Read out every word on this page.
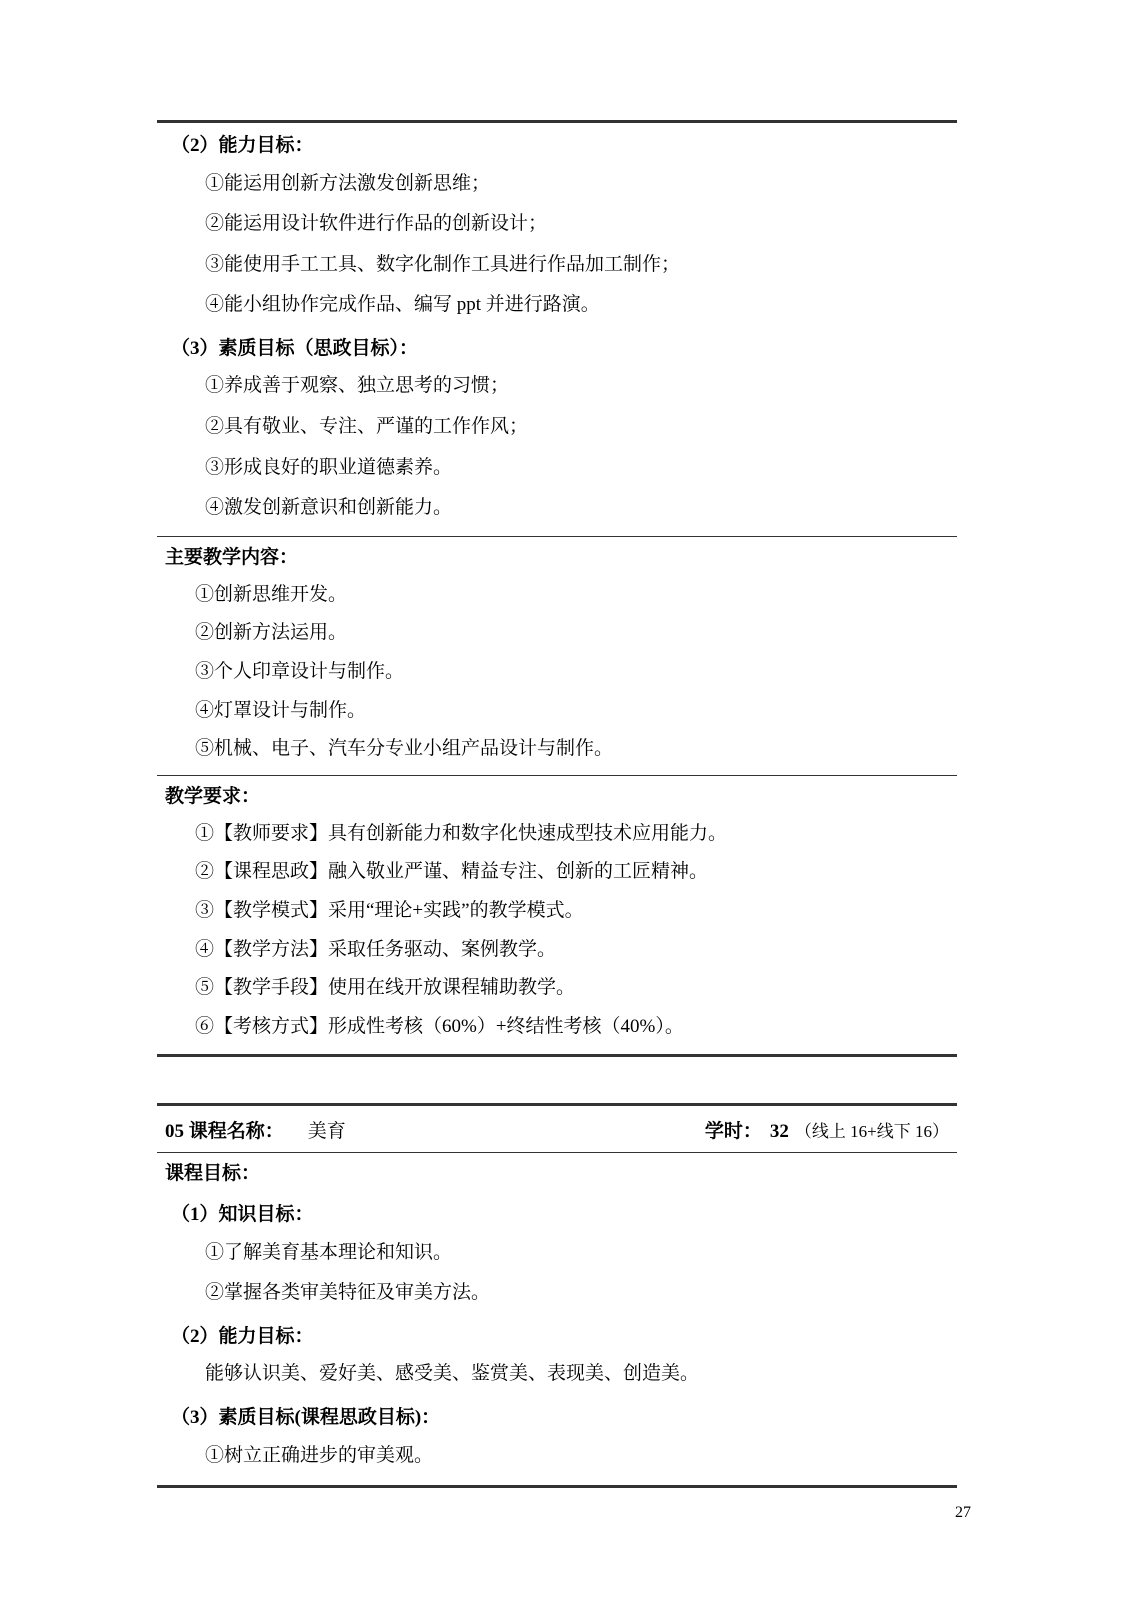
（2）能力目标：
①能运用创新方法激发创新思维；
②能运用设计软件进行作品的创新设计；
③能使用手工工具、数字化制作工具进行作品加工制作；
④能小组协作完成作品、编写 ppt 并进行路演。
（3）素质目标（思政目标）：
①养成善于观察、独立思考的习惯；
②具有敬业、专注、严谨的工作作风；
③形成良好的职业道德素养。
④激发创新意识和创新能力。
主要教学内容：
①创新思维开发。
②创新方法运用。
③个人印章设计与制作。
④灯罩设计与制作。
⑤机械、电子、汽车分专业小组产品设计与制作。
教学要求：
①【教师要求】具有创新能力和数字化快速成型技术应用能力。
②【课程思政】融入敬业严谨、精益专注、创新的工匠精神。
③【教学模式】采用“理论+实践”的教学模式。
④【教学方法】采取任务驱动、案例教学。
⑤【教学手段】使用在线开放课程辅助教学。
⑥【考核方式】形成性考核（60%）+终结性考核（40%）。
05 课程名称： 美育	学时： 32 （线上 16+线下 16）
课程目标：
（1）知识目标：
①了解美育基本理论和知识。
②掌握各类审美特征及审美方法。
（2）能力目标：
能够认识美、爱好美、感受美、鉴赏美、表现美、创造美。
（3）素质目标(课程思政目标)：
①树立正确进步的审美观。
27
